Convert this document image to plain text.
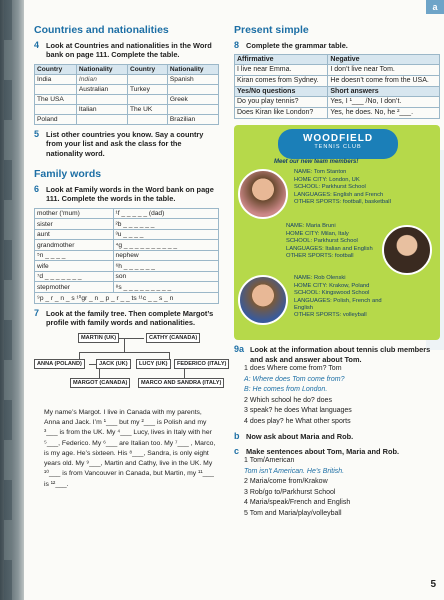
a
Countries and nationalities
4 Look at Countries and nationalities in the Word bank on page 111. Complete the table.
Country	Nationality	Country	Nationality
India	Indian		Spanish
	Australian	Turkey	
The USA			Greek
	Italian	The UK	
Poland			Brazilian
5 List other countries you know. Say a country from your list and ask the class for the nationality word.
Family words
6 Look at Family words in the Word bank on page 111. Complete the words in the table.
mother (‘mum)	¹f _ _ _ _ _ (dad)
sister	²b _ _ _ _ _ _
aunt	³u _ _ _ _
grandmother	⁴g _ _ _ _ _ _ _ _ _ _
⁵n _ _ _ _	nephew
wife	⁶h _ _ _ _ _ _
⁷d _ _ _ _ _ _ _	son
stepmother	⁸s _ _ _ _ _ _ _ _ _
⁹p _ r _ n _ s ¹⁰gr _ n _ p _ r _ _ ts ¹¹c _ _ s _ n	
7 Look at the family tree. Then complete Margot’s profile with family words and nationalities.
MARTIN (UK)	CATHY (CANADA)
ANNA (POLAND)	JACK (UK)	LUCY (UK)	FEDERICO (ITALY)
MARGOT (CANADA)	MARCO AND SANDRA (ITALY)
My name’s Margot. I live in Canada with my parents, Anna and Jack. I’m ¹___ but my ²___ is Polish and my ³___ is from the UK. My ⁴___ Lucy, lives in Italy with her ⁵___, Federico. My ⁶___ are Italian too. My ⁷___ , Marco, is my age. He’s sixteen. His ⁸___, Sandra, is only eight years old. My ⁹___, Martin and Cathy, live in the UK. My ¹⁰___ is from Vancouver in Canada, but Martin, my ¹¹___ is ¹²___.
Present simple
8 Complete the grammar table.
Affirmative	Negative
I live near Emma.	I don’t live near Tom.
Kiran comes from Sydney.	He doesn’t come from the USA.
Yes/No questions	Short answers
Do you play tennis?	Yes, I ¹___ /No, I don’t.
Does Kiran like London?	Yes, he does. No, he ²___.
WOODFIELD
TENNIS CLUB
Meet our new team members!
NAME: Tom Stanton
HOME CITY: London, UK
SCHOOL: Parkhurst School
LANGUAGES: English and French
OTHER SPORTS: football, basketball
NAME: Maria Bruni
HOME CITY: Milan, Italy
SCHOOL: Parkhurst School
LANGUAGES: Italian and English
OTHER SPORTS: football
NAME: Rob Olenski
HOME CITY: Krakow, Poland
SCHOOL: Kingswood School
LANGUAGES: Polish, French and English
OTHER SPORTS: volleyball
9a Look at the information about tennis club members and ask and answer about Tom.
1 does Where come from? Tom
A: Where does Tom come from?
B: He comes from London.
2 Which school he do? does
3 speak? he does What languages
4 does play? he What other sports
b Now ask about Maria and Rob.
c Make sentences about Tom, Maria and Rob.
1 Tom/American
Tom isn’t American. He’s British.
2 Maria/come from/Krakow
3 Rob/go to/Parkhurst School
4 Maria/speak/French and English
5 Tom and Maria/play/volleyball
5
